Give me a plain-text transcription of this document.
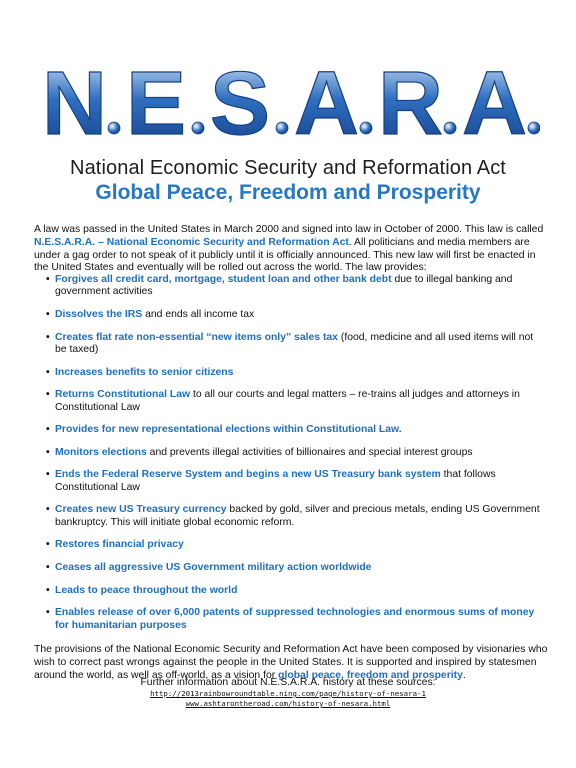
N E S A R A
National Economic Security and Reformation Act
Global Peace, Freedom and Prosperity

A law was passed in the United States in March 2000 and signed into law in October of 2000. This law is called N.E.S.A.R.A. – National Economic Security and Reformation Act. All politicians and media members are under a gag order to not speak of it publicly until it is officially announced. This new law will first be enacted in the United States and eventually will be rolled out across the world. The law provides:

• Forgives all credit card, mortgage, student loan and other bank debt due to illegal banking and government activities
• Dissolves the IRS and ends all income tax
• Creates flat rate non-essential “new items only” sales tax (food, medicine and all used items will not be taxed)
• Increases benefits to senior citizens
• Returns Constitutional Law to all our courts and legal matters – re-trains all judges and attorneys in Constitutional Law
• Provides for new representational elections within Constitutional Law.
• Monitors elections and prevents illegal activities of billionaires and special interest groups
• Ends the Federal Reserve System and begins a new US Treasury bank system that follows Constitutional Law
• Creates new US Treasury currency backed by gold, silver and precious metals, ending US Government bankruptcy. This will initiate global economic reform.
• Restores financial privacy
• Ceases all aggressive US Government military action worldwide
• Leads to peace throughout the world
• Enables release of over 6,000 patents of suppressed technologies and enormous sums of money for humanitarian purposes

The provisions of the National Economic Security and Reformation Act have been composed by visionaries who wish to correct past wrongs against the people in the United States. It is supported and inspired by statesmen around the world, as well as off-world, as a vision for global peace, freedom and prosperity.

Further information about N.E.S.A.R.A. history at these sources:
http://2013rainbowroundtable.ning.com/page/history-of-nesara-1
www.ashtarontheroad.com/history-of-nesara.html
